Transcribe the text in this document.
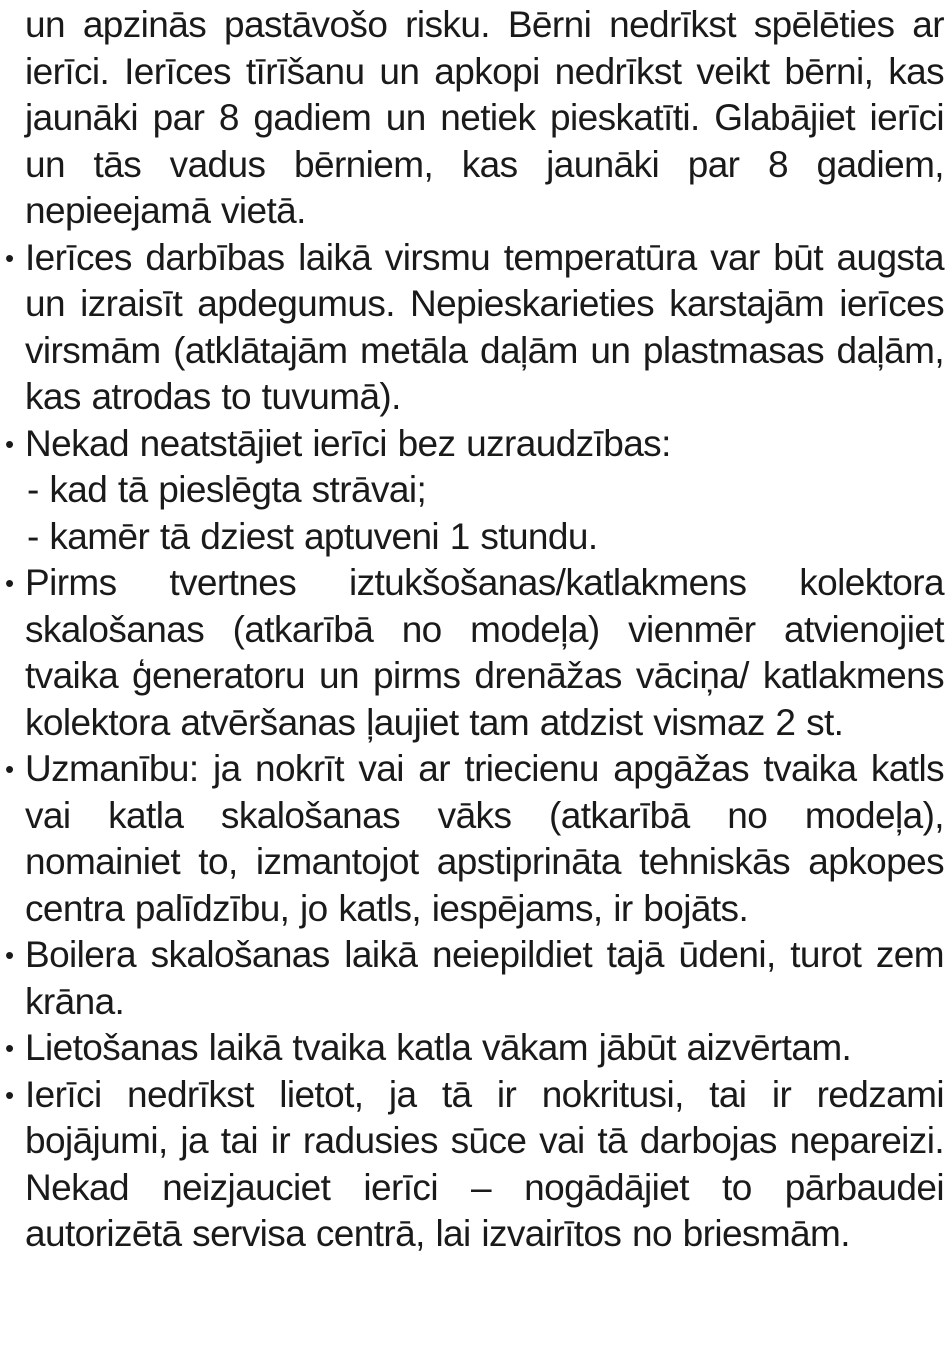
un apzinās pastāvošo risku. Bērni nedrīkst spēlēties ar ierīci. Ierīces tīrīšanu un apkopi nedrīkst veikt bērni, kas jaunāki par 8 gadiem un netiek pieskatīti. Glabājiet ierīci un tās vadus bērniem, kas jaunāki par 8 gadiem, nepieejamā vietā.

• Ierīces darbības laikā virsmu temperatūra var būt augsta un izraisīt apdegumus. Nepieskarieties karstajām ierīces virsmām (atklātajām metāla daļām un plastmasas daļām, kas atrodas to tuvumā).
• Nekad neatstājiet ierīci bez uzraudzības:
- kad tā pieslēgta strāvai;
- kamēr tā dziest aptuveni 1 stundu.
• Pirms tvertnes iztukšošanas/katlakmens kolektora skalošanas (atkarībā no modeļa) vienmēr atvienojiet tvaika ģeneratoru un pirms drenāžas vāciņa/ katlakmens kolektora atvēršanas ļaujiet tam atdzist vismaz 2 st.
• Uzmanību: ja nokrīt vai ar triecienu apgāžas tvaika katls vai katla skalošanas vāks (atkarībā no modeļa), nomainiet to, izmantojot apstiprināta tehniskās apkopes centra palīdzību, jo katls, iespējams, ir bojāts.
• Boilera skalošanas laikā neiepildiet tajā ūdeni, turot zem krāna.
• Lietošanas laikā tvaika katla vākam jābūt aizvērtam.
• Ierīci nedrīkst lietot, ja tā ir nokritusi, tai ir redzami bojājumi, ja tai ir radusies sūce vai tā darbojas nepareizi. Nekad neizjauciet ierīci – nogādājiet to pārbaudei autorizētā servisa centrā, lai izvairītos no briesmām.
